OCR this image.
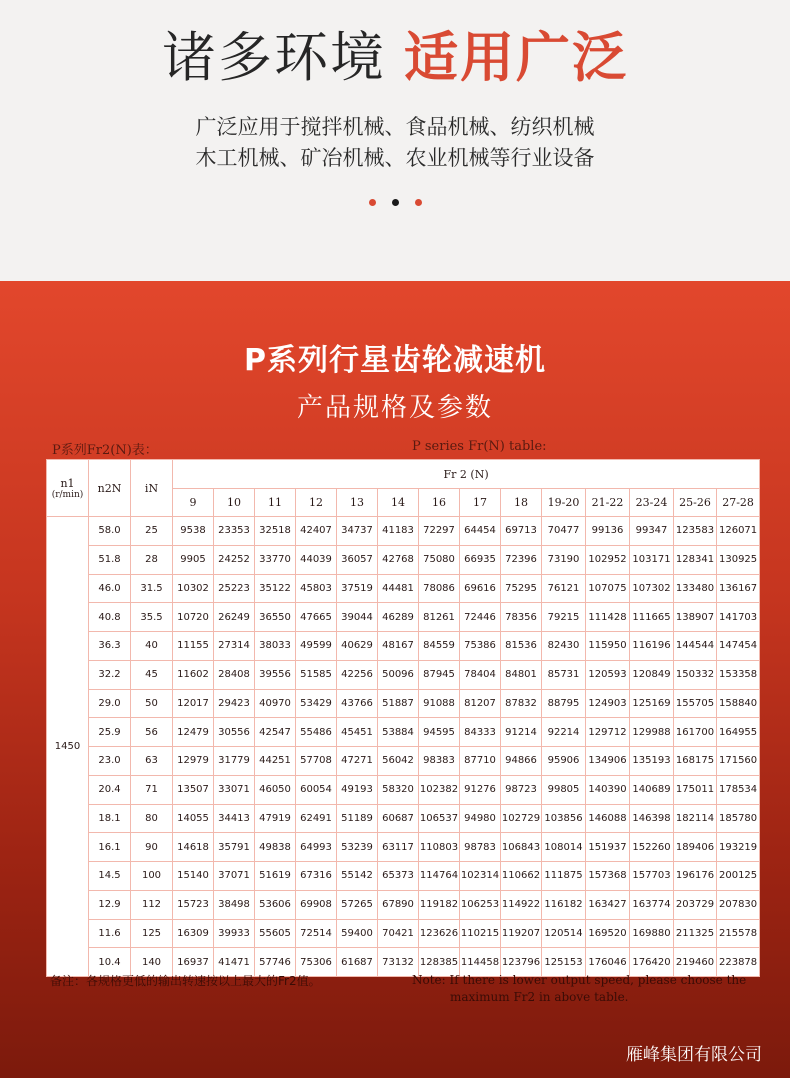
诸多环境 适用广泛
广泛应用于搅拌机械、食品机械、纺织机械
木工机械、矿冶机械、农业机械等行业设备
P系列行星齿轮减速机
产品规格及参数
P系列Fr2(N)表：	P series Fr(N) table:
n1
(r/min)	n2N	iN	Fr 2 (N)													
			9	10	11	12	13	14	16	17	18	19-20	21-22	23-24	25-26	27-28
1450	58.0	25	9538	23353	32518	42407	34737	41183	72297	64454	69713	70477	99136	99347	123583	126071
	51.8	28	9905	24252	33770	44039	36057	42768	75080	66935	72396	73190	102952	103171	128341	130925
	46.0	31.5	10302	25223	35122	45803	37519	44481	78086	69616	75295	76121	107075	107302	133480	136167
	40.8	35.5	10720	26249	36550	47665	39044	46289	81261	72446	78356	79215	111428	111665	138907	141703
	36.3	40	11155	27314	38033	49599	40629	48167	84559	75386	81536	82430	115950	116196	144544	147454
	32.2	45	11602	28408	39556	51585	42256	50096	87945	78404	84801	85731	120593	120849	150332	153358
	29.0	50	12017	29423	40970	53429	43766	51887	91088	81207	87832	88795	124903	125169	155705	158840
	25.9	56	12479	30556	42547	55486	45451	53884	94595	84333	91214	92214	129712	129988	161700	164955
	23.0	63	12979	31779	44251	57708	47271	56042	98383	87710	94866	95906	134906	135193	168175	171560
	20.4	71	13507	33071	46050	60054	49193	58320	102382	91276	98723	99805	140390	140689	175011	178534
	18.1	80	14055	34413	47919	62491	51189	60687	106537	94980	102729	103856	146088	146398	182114	185780
	16.1	90	14618	35791	49838	64993	53239	63117	110803	98783	106843	108014	151937	152260	189406	193219
	14.5	100	15140	37071	51619	67316	55142	65373	114764	102314	110662	111875	157368	157703	196176	200125
	12.9	112	15723	38498	53606	69908	57265	67890	119182	106253	114922	116182	163427	163774	203729	207830
	11.6	125	16309	39933	55605	72514	59400	70421	123626	110215	119207	120514	169520	169880	211325	215578
	10.4	140	16937	41471	57746	75306	61687	73132	128385	114458	123796	125153	176046	176420	219460	223878
备注：各规格更低的输出转速按以上最大的Fr2值。	Note: If there is lower output speed, please choose the
maximum Fr2 in above table.
雁峰集团有限公司
